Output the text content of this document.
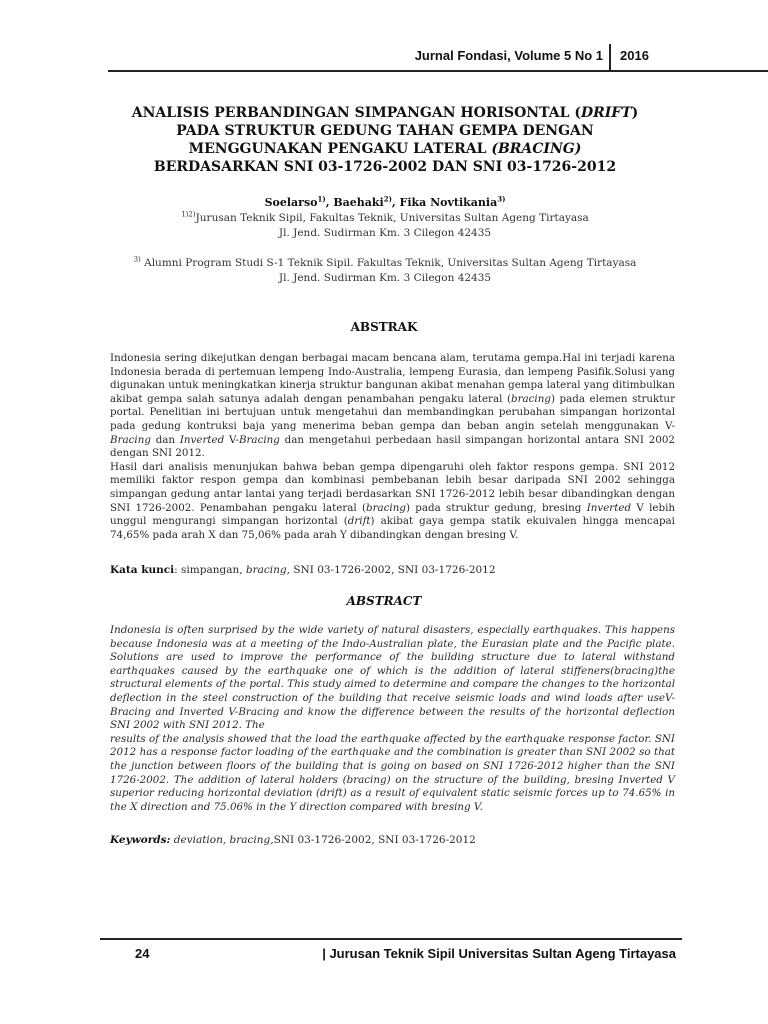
Jurnal Fondasi, Volume 5 No 1 2016
ANALISIS PERBANDINGAN SIMPANGAN HORISONTAL (DRIFT)
PADA STRUKTUR GEDUNG TAHAN GEMPA DENGAN
MENGGUNAKAN PENGAKU LATERAL (BRACING)
BERDASARKAN SNI 03-1726-2002 DAN SNI 03-1726-2012
Soelarso$^{1)}$, Baehaki$^{2)}$, Fika Novtikania$^{3)}$
$^{1)2)}$Jurusan Teknik Sipil, Fakultas Teknik, Universitas Sultan Ageng Tirtayasa
Jl. Jend. Sudirman Km. 3 Cilegon 42435
$^{3)}$ Alumni Program Studi S-1 Teknik Sipil. Fakultas Teknik, Universitas Sultan Ageng Tirtayasa
Jl. Jend. Sudirman Km. 3 Cilegon 42435
ABSTRAK

Indonesia sering dikejutkan dengan berbagai macam bencana alam, terutama gempa.Hal ini terjadi karena Indonesia berada di pertemuan lempeng Indo-Australia, lempeng Eurasia, dan lempeng Pasifik.Solusi yang digunakan untuk meningkatkan kinerja struktur bangunan akibat menahan gempa lateral yang ditimbulkan akibat gempa salah satunya adalah dengan penambahan pengaku lateral (bracing) pada elemen struktur portal. Penelitian ini bertujuan untuk mengetahui dan membandingkan perubahan simpangan horizontal pada gedung kontruksi baja yang menerima beban gempa dan beban angin setelah menggunakan V-Bracing dan Inverted V-Bracing dan mengetahui perbedaan hasil simpangan horizontal antara SNI 2002 dengan SNI 2012.

Hasil dari analisis menunjukan bahwa beban gempa dipengaruhi oleh faktor respons gempa. SNI 2012 memiliki faktor respon gempa dan kombinasi pembebanan lebih besar daripada SNI 2002 sehingga simpangan gedung antar lantai yang terjadi berdasarkan SNI 1726-2012 lebih besar dibandingkan dengan SNI 1726-2002. Penambahan pengaku lateral (bracing) pada struktur gedung, bresing Inverted V lebih unggul mengurangi simpangan horizontal (drift) akibat gaya gempa statik ekuivalen hingga mencapai 74,65% pada arah X dan 75,06% pada arah Y dibandingkan dengan bresing V.

Kata kunci: simpangan, bracing, SNI 03-1726-2002, SNI 03-1726-2012
ABSTRACT

Indonesia is often surprised by the wide variety of natural disasters, especially earthquakes. This happens because Indonesia was at a meeting of the Indo-Australian plate, the Eurasian plate and the Pacific plate. Solutions are used to improve the performance of the building structure due to lateral withstand earthquakes caused by the earthquake one of which is the addition of lateral stiffeners(bracing)the structural elements of the portal. This study aimed to determine and compare the changes to the horizontal deflection in the steel construction of the building that receive seismic loads and wind loads after useV-Bracing and Inverted V-Bracing and know the difference between the results of the horizontal deflection SNI 2002 with SNI 2012. The

results of the analysis showed that the load the earthquake affected by the earthquake response factor. SNI 2012 has a response factor loading of the earthquake and the combination is greater than SNI 2002 so that the junction between floors of the building that is going on based on SNI 1726-2012 higher than the SNI 1726-2002. The addition of lateral holders (bracing) on the structure of the building, bresing Inverted V superior reducing horizontal deviation (drift) as a result of equivalent static seismic forces up to 74.65% in the X direction and 75.06% in the Y direction compared with bresing V.

Keywords: deviation, bracing,SNI 03-1726-2002, SNI 03-1726-2012
24	| Jurusan Teknik Sipil Universitas Sultan Ageng Tirtayasa
